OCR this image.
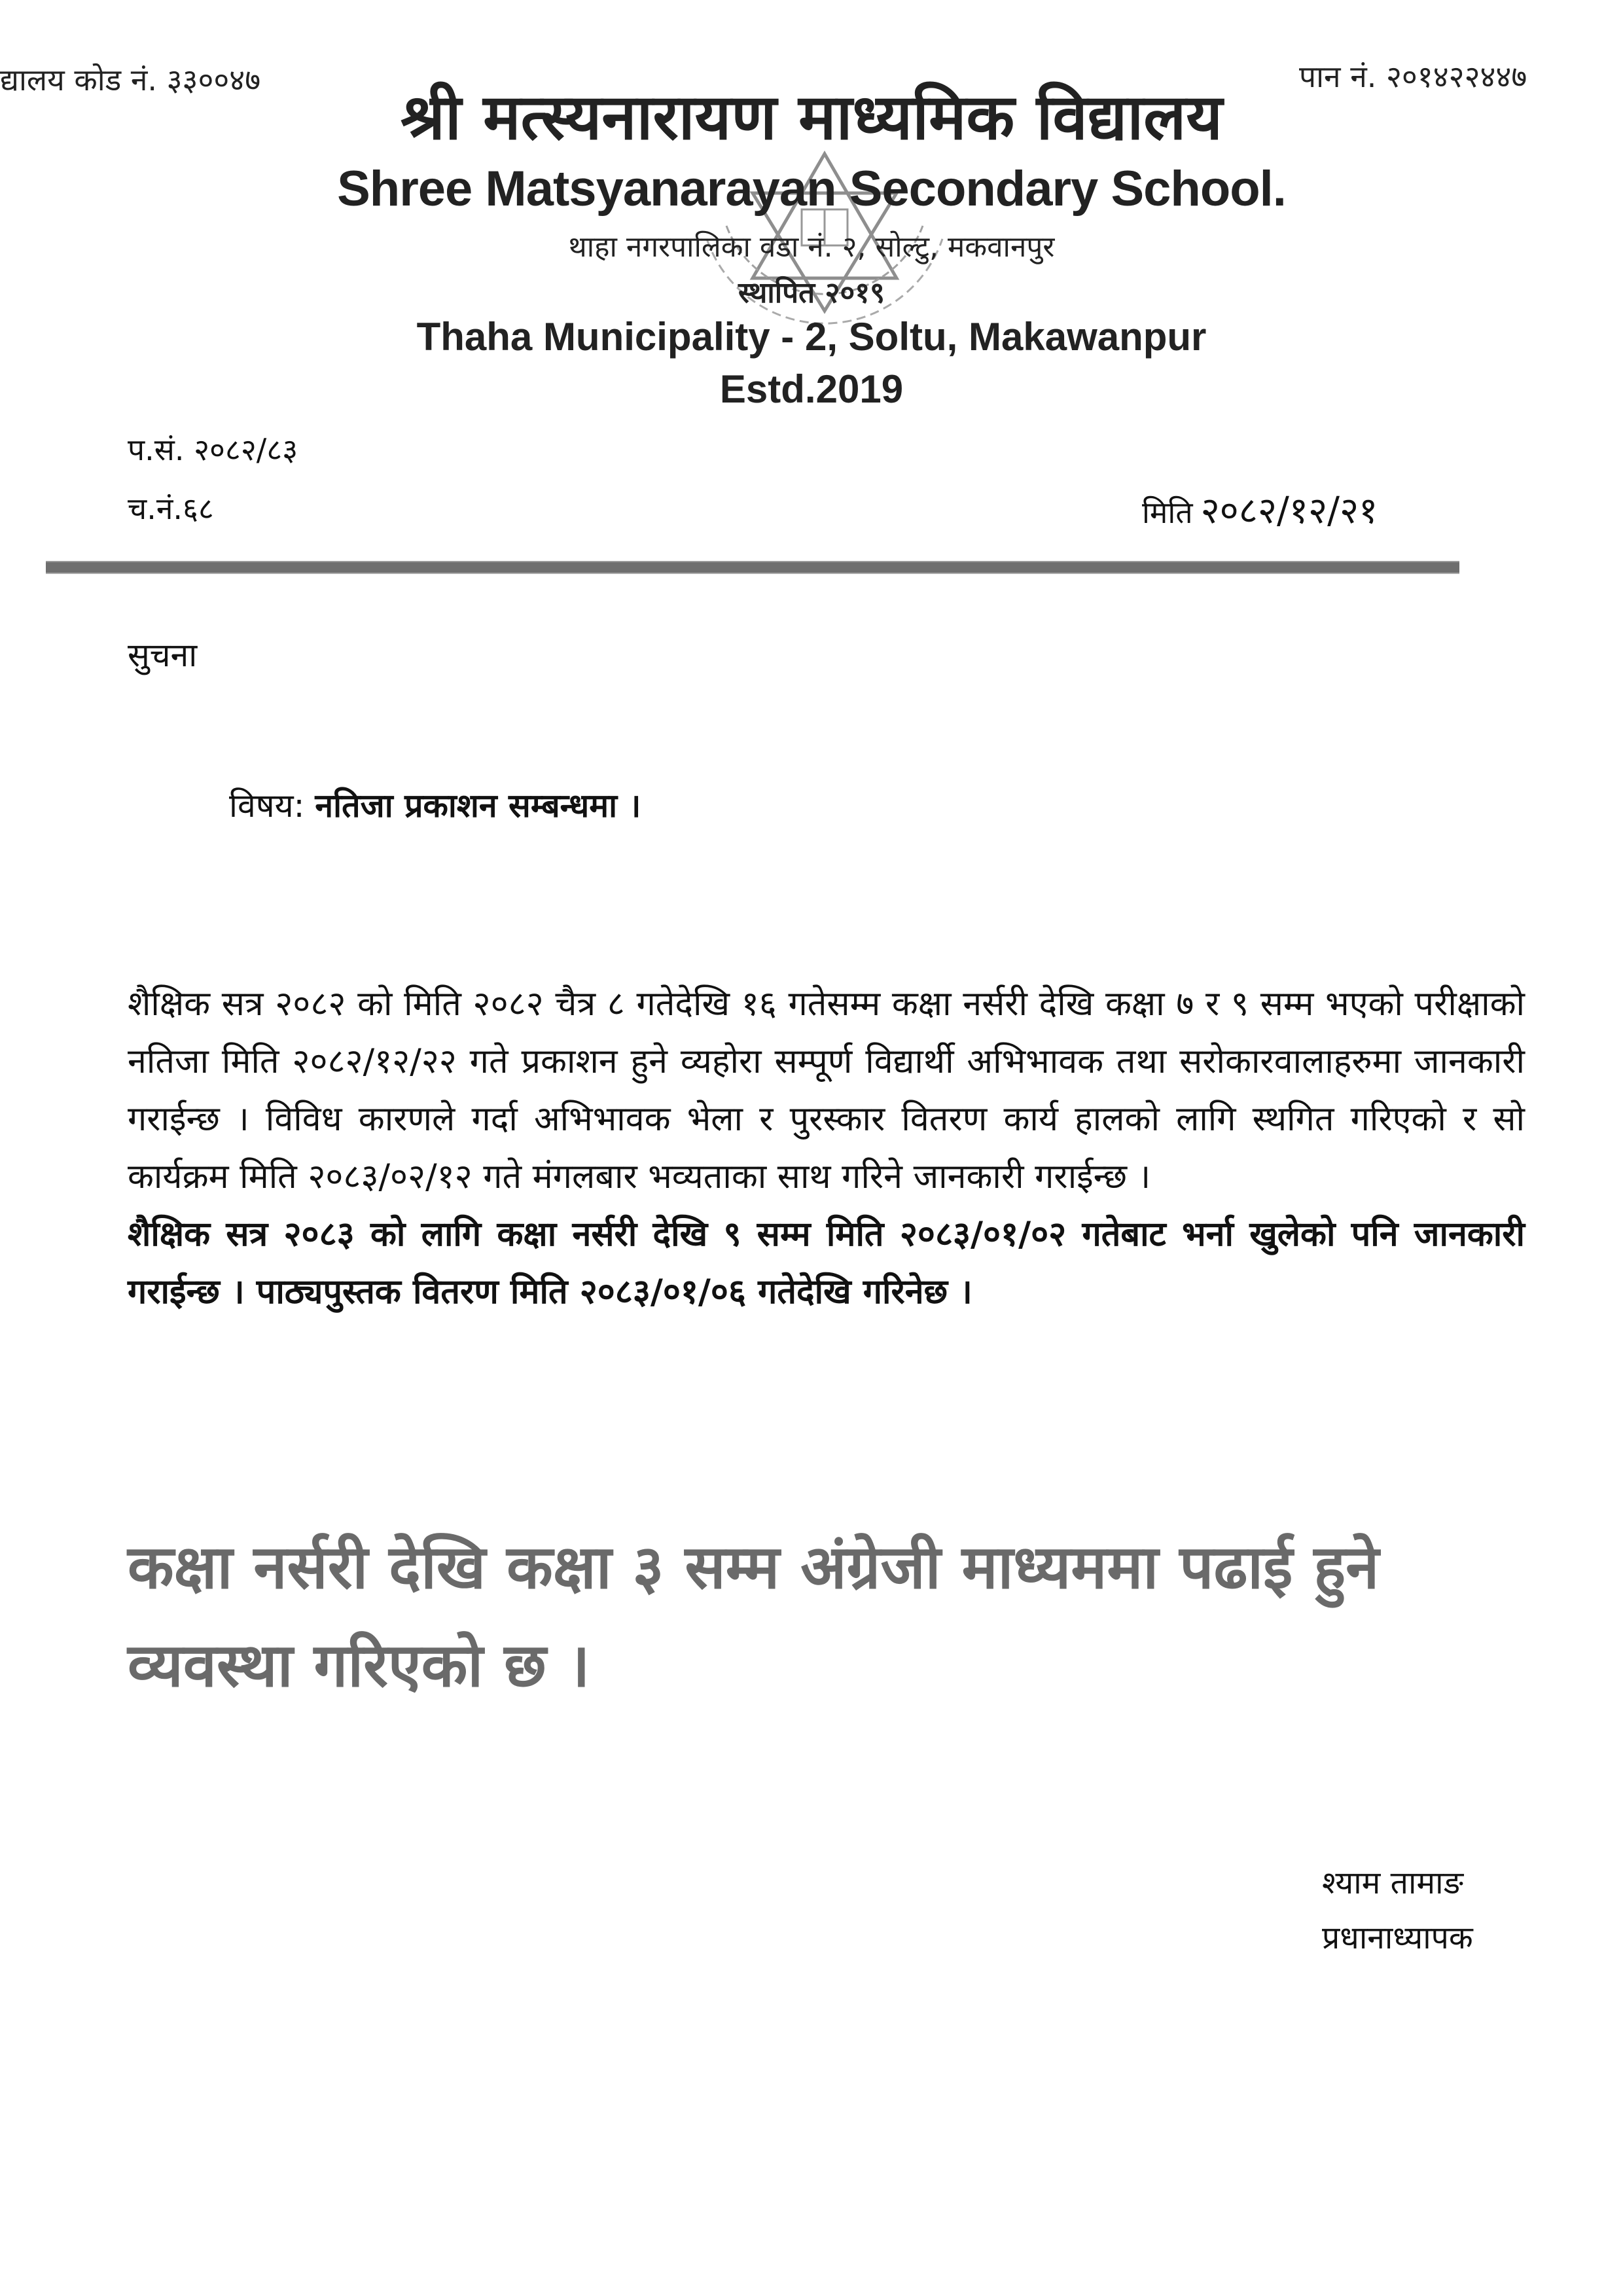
द्यालय कोड नं. ३३००४७	पान नं. २०१४२२४४७
श्री मत्स्यनारायण माध्यमिक विद्यालय
Shree Matsyanarayan Secondary School.
थाहा नगरपालिका वडा नं. २, सोल्टु, मकवानपुर
स्थापित २०१९
Thaha Municipality - 2, Soltu, Makawanpur
Estd.2019
प.सं. २०८२/८३
च.नं.६८	मिति २०८२/१२/२१
सुचना
विषय: नतिजा प्रकाशन सम्बन्धमा ।

शैक्षिक सत्र २०८२ को मिति २०८२ चैत्र ८ गतेदेखि १६ गतेसम्म कक्षा नर्सरी देखि कक्षा ७ र ९ सम्म भएको परीक्षाको नतिजा मिति २०८२/१२/२२ गते प्रकाशन हुने व्यहोरा सम्पूर्ण विद्यार्थी अभिभावक तथा सरोकारवालाहरुमा जानकारी गराईन्छ । विविध कारणले गर्दा अभिभावक भेला र पुरस्कार वितरण कार्य हालको लागि स्थगित गरिएको र सो कार्यक्रम मिति २०८३/०२/१२ गते मंगलबार भव्यताका साथ गरिने जानकारी गराईन्छ ।

शैक्षिक सत्र २०८३ को लागि कक्षा नर्सरी देखि ९ सम्म मिति २०८३/०१/०२ गतेबाट भर्ना खुलेको पनि जानकारी गराईन्छ । पाठ्यपुस्तक वितरण मिति २०८३/०१/०६ गतेदेखि गरिनेछ ।

कक्षा नर्सरी देखि कक्षा ३ सम्म अंग्रेजी माध्यममा पढाई हुने व्यवस्था गरिएको छ ।
श्याम तामाङ
प्रधानाध्यापक
